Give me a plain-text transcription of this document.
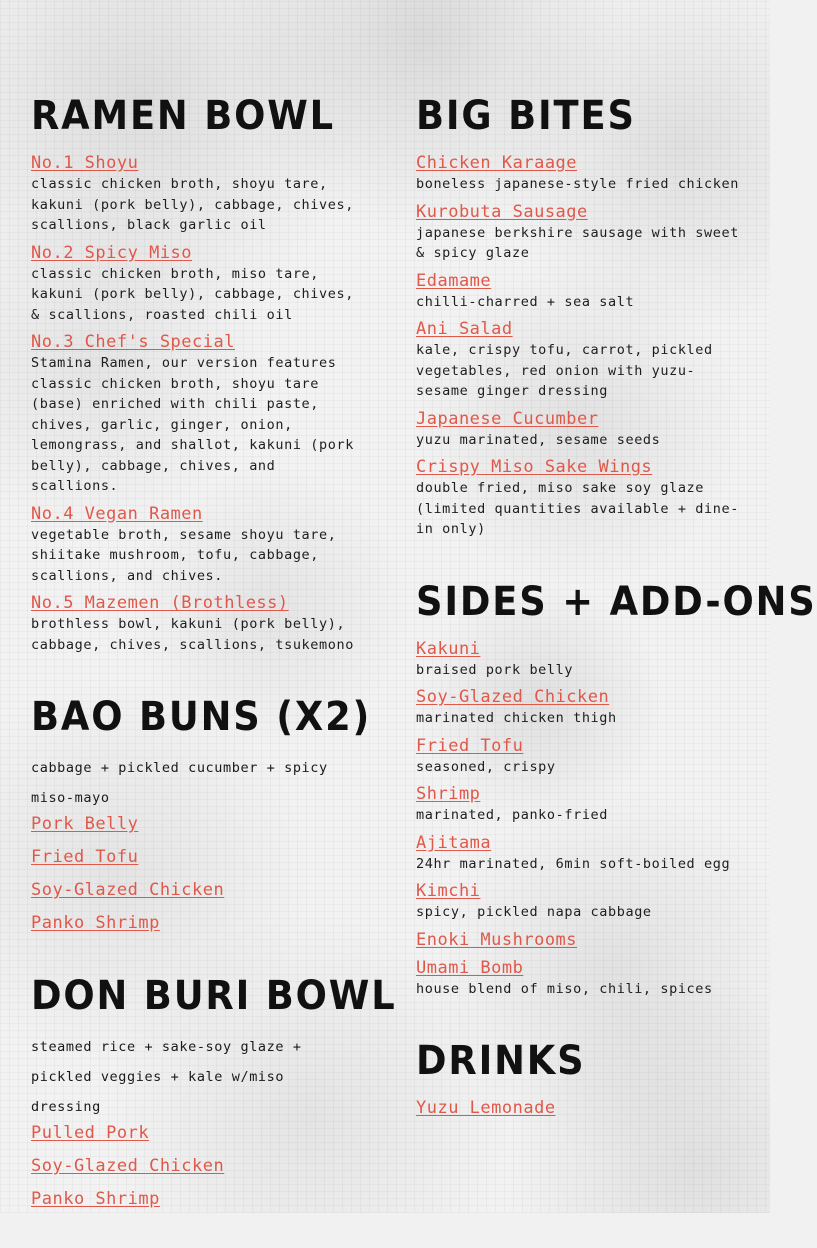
RAMEN BOWL
No.1 Shoyu
classic chicken broth, shoyu tare, kakuni (pork belly), cabbage, chives, scallions, black garlic oil
No.2 Spicy Miso
classic chicken broth, miso tare, kakuni (pork belly), cabbage, chives, & scallions, roasted chili oil
No.3 Chef's Special
Stamina Ramen, our version features classic chicken broth, shoyu tare (base) enriched with chili paste, chives, garlic, ginger, onion, lemongrass, and shallot, kakuni (pork belly), cabbage, chives, and scallions.
No.4 Vegan Ramen
vegetable broth, sesame shoyu tare, shiitake mushroom, tofu, cabbage, scallions, and chives.
No.5 Mazemen (Brothless)
brothless bowl, kakuni (pork belly), cabbage, chives, scallions, tsukemono
BAO BUNS (X2)
cabbage + pickled cucumber + spicy miso-mayo
Pork Belly
Fried Tofu
Soy-Glazed Chicken
Panko Shrimp
DON BURI BOWL
steamed rice + sake-soy glaze + pickled veggies + kale w/miso dressing
Pulled Pork
Soy-Glazed Chicken
Panko Shrimp
BIG BITES
Chicken Karaage
boneless japanese-style fried chicken
Kurobuta Sausage
japanese berkshire sausage with sweet & spicy glaze
Edamame
chilli-charred + sea salt
Ani Salad
kale, crispy tofu, carrot, pickled vegetables, red onion with yuzu-sesame ginger dressing
Japanese Cucumber
yuzu marinated, sesame seeds
Crispy Miso Sake Wings
double fried, miso sake soy glaze (limited quantities available + dine-in only)
SIDES + ADD-ONS
Kakuni
braised pork belly
Soy-Glazed Chicken
marinated chicken thigh
Fried Tofu
seasoned, crispy
Shrimp
marinated, panko-fried
Ajitama
24hr marinated, 6min soft-boiled egg
Kimchi
spicy, pickled napa cabbage
Enoki Mushrooms
Umami Bomb
house blend of miso, chili, spices
DRINKS
Yuzu Lemonade
